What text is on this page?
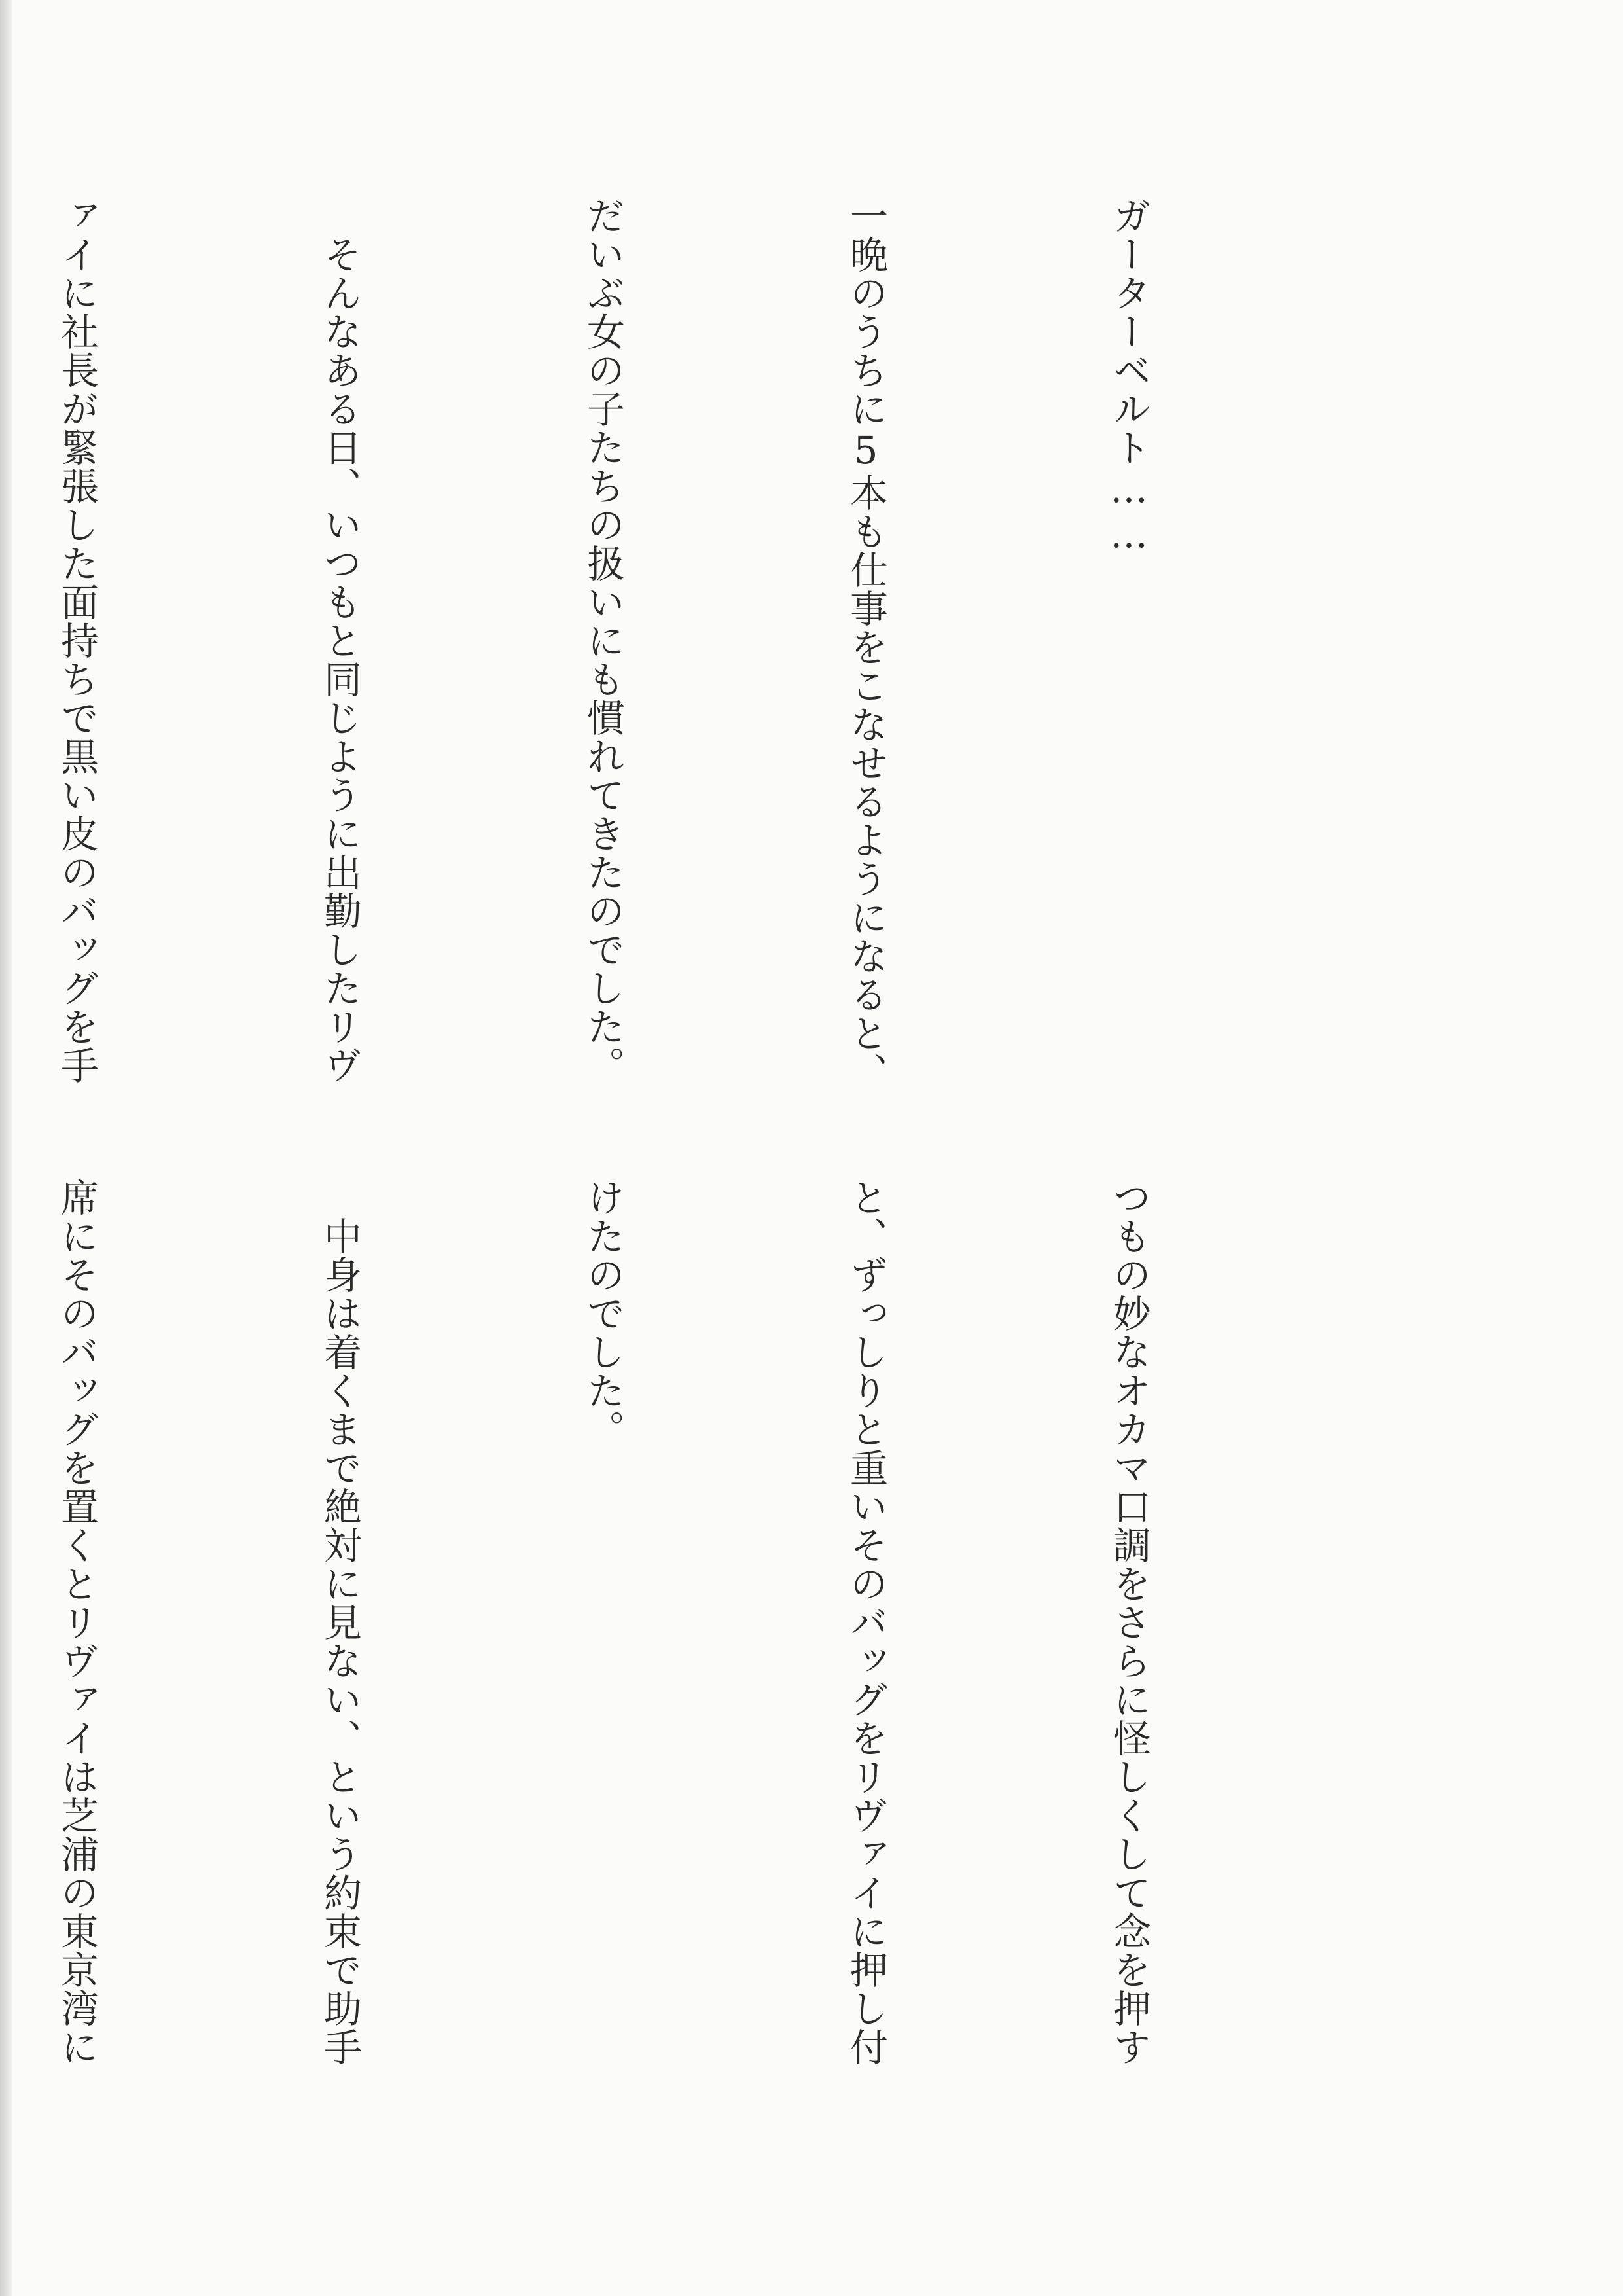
ガーターベルト……

一晩のうちに5本も仕事をこなせるようになると、

だいぶ女の子たちの扱いにも慣れてきたのでした。

　そんなある日、いつもと同じように出勤したリヴ

ァイに社長が緊張した面持ちで黒い皮のバッグを手

つもの妙なオカマ口調をさらに怪しくして念を押す

と、ずっしりと重いそのバッグをリヴァイに押し付

けたのでした。

　中身は着くまで絶対に見ない、という約束で助手

席にそのバッグを置くとリヴァイは芝浦の東京湾に
